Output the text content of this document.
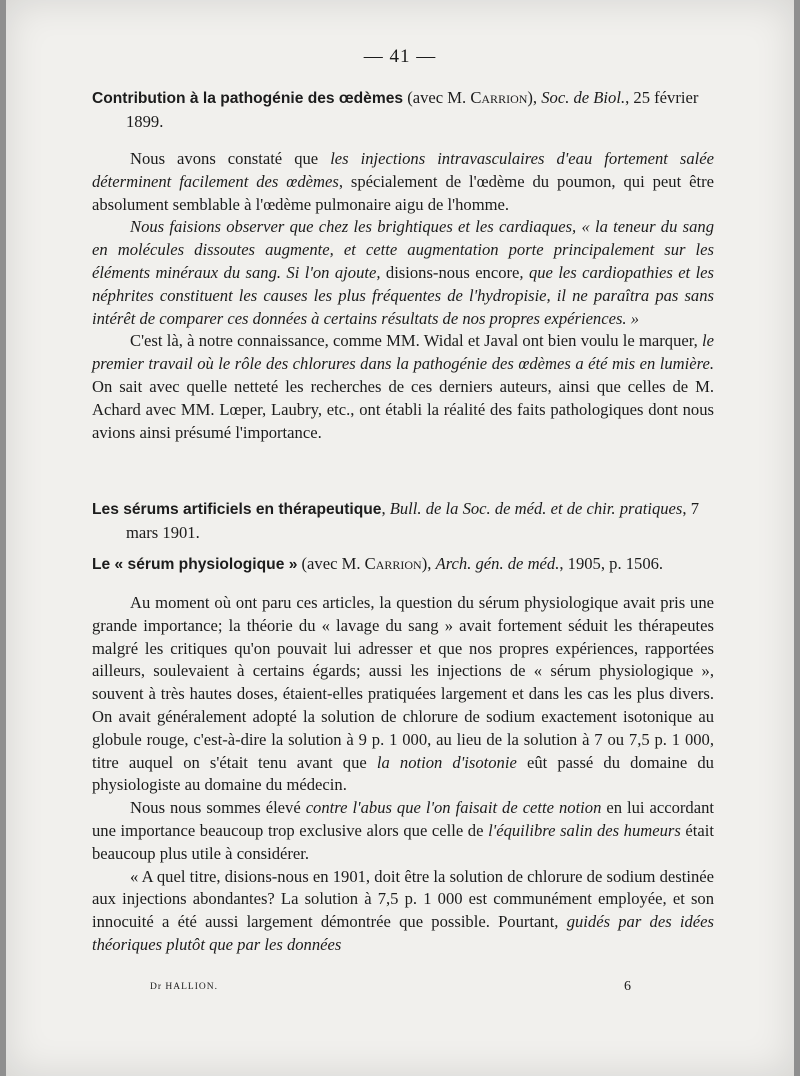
— 41 —

Contribution à la pathogénie des œdèmes (avec M. Carrion), Soc. de Biol., 25 février 1899.

Nous avons constaté que les injections intravasculaires d'eau fortement salée déterminent facilement des œdèmes, spécialement de l'œdème du poumon, qui peut être absolument semblable à l'œdème pulmonaire aigu de l'homme.

Nous faisions observer que chez les brightiques et les cardiaques, « la teneur du sang en molécules dissoutes augmente, et cette augmentation porte principalement sur les éléments minéraux du sang. Si l'on ajoute, disions-nous encore, que les cardiopathies et les néphrites constituent les causes les plus fréquentes de l'hydropisie, il ne paraîtra pas sans intérêt de comparer ces données à certains résultats de nos propres expériences. »

C'est là, à notre connaissance, comme MM. Widal et Javal ont bien voulu le marquer, le premier travail où le rôle des chlorures dans la pathogénie des œdèmes a été mis en lumière. On sait avec quelle netteté les recherches de ces derniers auteurs, ainsi que celles de M. Achard avec MM. Lœper, Laubry, etc., ont établi la réalité des faits pathologiques dont nous avions ainsi présumé l'importance.

Les sérums artificiels en thérapeutique, Bull. de la Soc. de méd. et de chir. pratiques, 7 mars 1901.

Le « sérum physiologique » (avec M. Carrion), Arch. gén. de méd., 1905, p. 1506.

Au moment où ont paru ces articles, la question du sérum physiologique avait pris une grande importance; la théorie du « lavage du sang » avait fortement séduit les thérapeutes malgré les critiques qu'on pouvait lui adresser et que nos propres expériences, rapportées ailleurs, soulevaient à certains égards; aussi les injections de « sérum physiologique », souvent à très hautes doses, étaient-elles pratiquées largement et dans les cas les plus divers. On avait généralement adopté la solution de chlorure de sodium exactement isotonique au globule rouge, c'est-à-dire la solution à 9 p. 1 000, au lieu de la solution à 7 ou 7,5 p. 1 000, titre auquel on s'était tenu avant que la notion d'isotonie eût passé du domaine du physiologiste au domaine du médecin.

Nous nous sommes élevé contre l'abus que l'on faisait de cette notion en lui accordant une importance beaucoup trop exclusive alors que celle de l'équilibre salin des humeurs était beaucoup plus utile à considérer.

« A quel titre, disions-nous en 1901, doit être la solution de chlorure de sodium destinée aux injections abondantes? La solution à 7,5 p. 1 000 est communément employée, et son innocuité a été aussi largement démontrée que possible. Pourtant, guidés par des idées théoriques plutôt que par les données

Dr HALLION.	6
